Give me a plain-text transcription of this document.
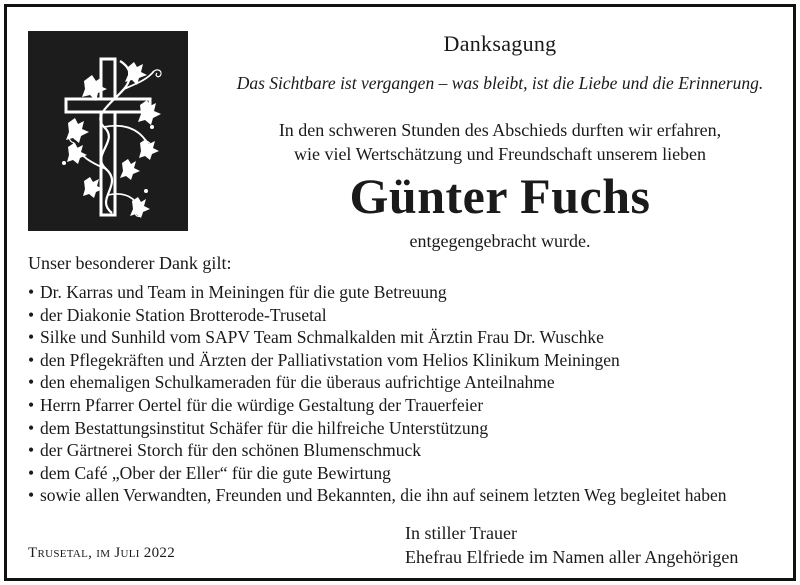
Danksagung
Das Sichtbare ist vergangen – was bleibt, ist die Liebe und die Erinnerung.
In den schweren Stunden des Abschieds durften wir erfahren,
wie viel Wertschätzung und Freundschaft unserem lieben
Günter Fuchs
entgegengebracht wurde.
Unser besonderer Dank gilt:
• Dr. Karras und Team in Meiningen für die gute Betreuung
• der Diakonie Station Brotterode-Trusetal
• Silke und Sunhild vom SAPV Team Schmalkalden mit Ärztin Frau Dr. Wuschke
• den Pflegekräften und Ärzten der Palliativstation vom Helios Klinikum Meiningen
• den ehemaligen Schulkameraden für die überaus aufrichtige Anteilnahme
• Herrn Pfarrer Oertel für die würdige Gestaltung der Trauerfeier
• dem Bestattungsinstitut Schäfer für die hilfreiche Unterstützung
• der Gärtnerei Storch für den schönen Blumenschmuck
• dem Café „Ober der Eller“ für die gute Bewirtung
• sowie allen Verwandten, Freunden und Bekannten, die ihn auf seinem letzten Weg begleitet haben
Trusetal, im Juli 2022
In stiller Trauer
Ehefrau Elfriede im Namen aller Angehörigen
